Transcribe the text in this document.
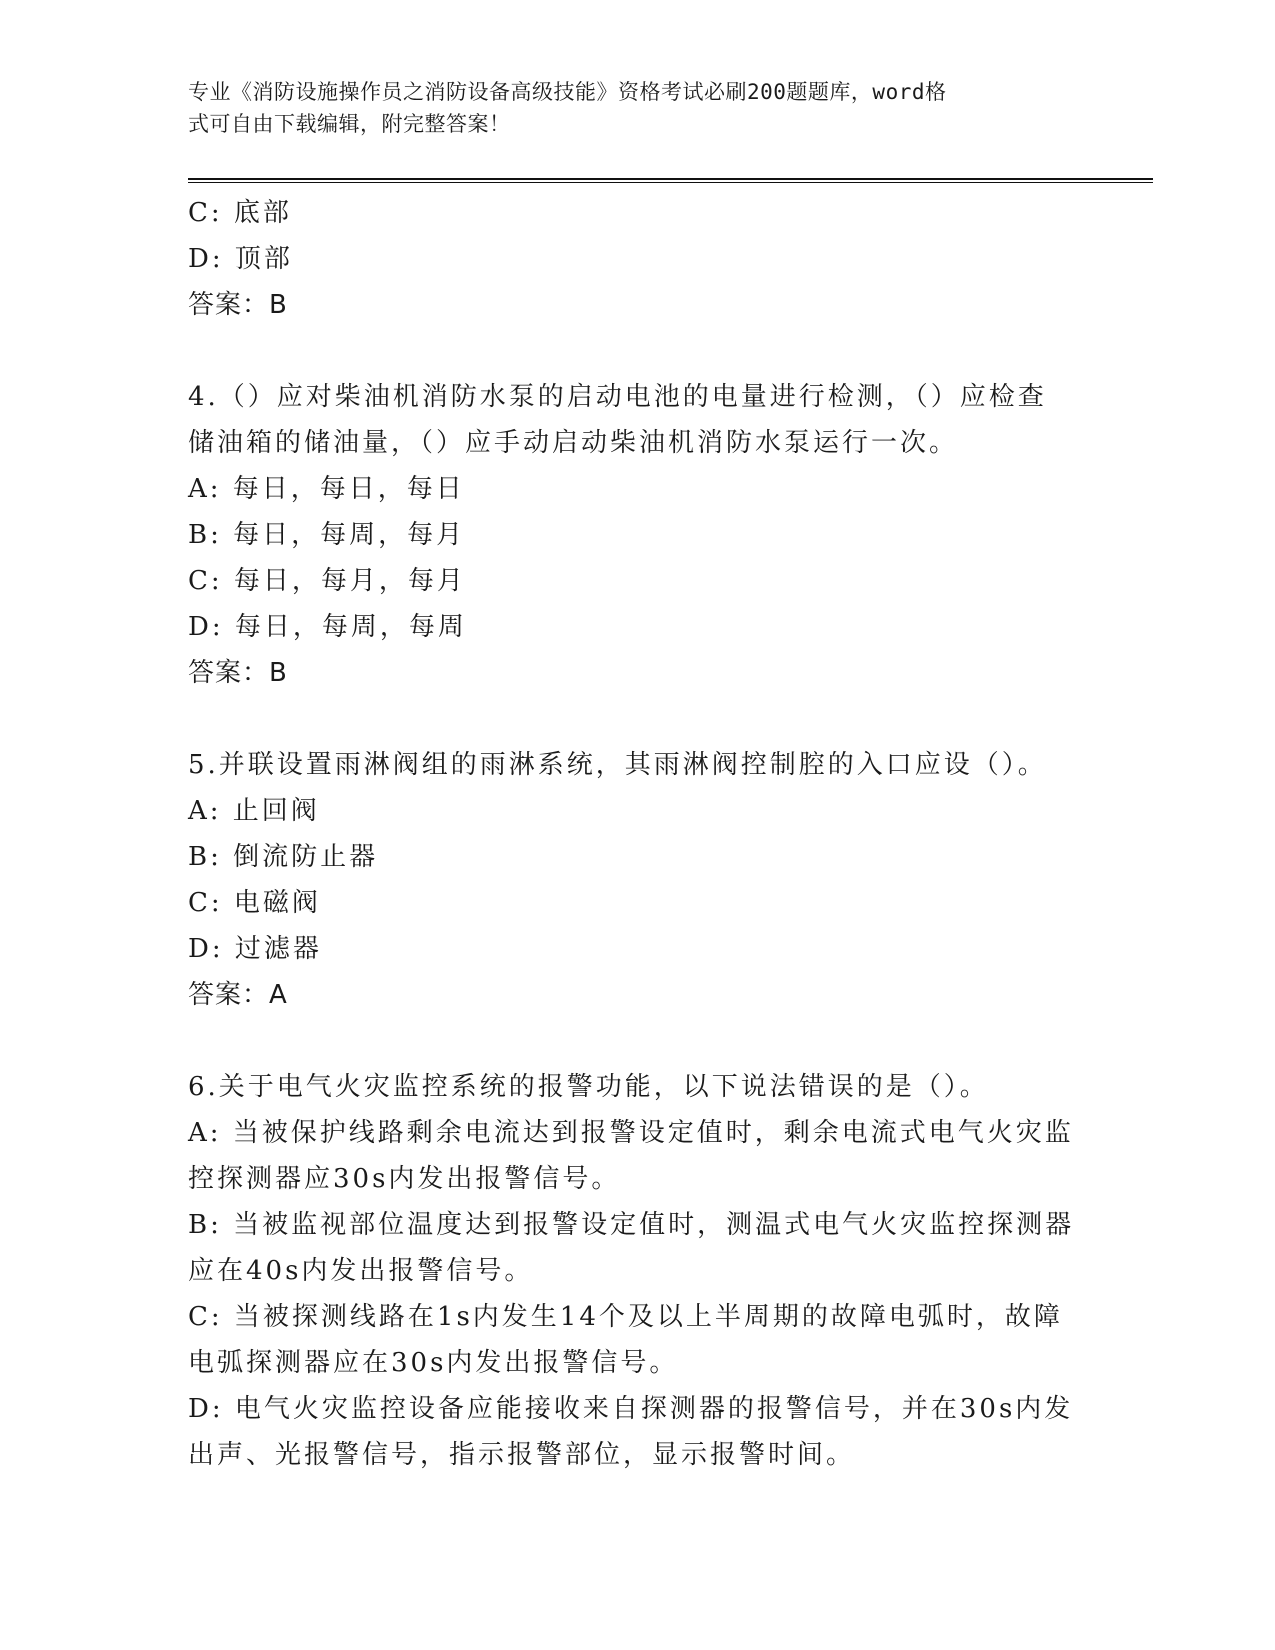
专业《消防设施操作员之消防设备高级技能》资格考试必刷200题题库，word格
式可自由下载编辑，附完整答案！

C: 底部

D: 顶部

答案：B

4.（）应对柴油机消防水泵的启动电池的电量进行检测，（）应检查

储油箱的储油量，（）应手动启动柴油机消防水泵运行一次。

A: 每日，每日，每日

B: 每日，每周，每月

C: 每日，每月，每月

D: 每日，每周，每周

答案：B

5.并联设置雨淋阀组的雨淋系统，其雨淋阀控制腔的入口应设（）。

A: 止回阀

B: 倒流防止器

C: 电磁阀

D: 过滤器

答案：A

6.关于电气火灾监控系统的报警功能，以下说法错误的是（）。

A: 当被保护线路剩余电流达到报警设定值时，剩余电流式电气火灾监

控探测器应30s内发出报警信号。

B: 当被监视部位温度达到报警设定值时，测温式电气火灾监控探测器

应在40s内发出报警信号。

C: 当被探测线路在1s内发生14个及以上半周期的故障电弧时，故障

电弧探测器应在30s内发出报警信号。

D: 电气火灾监控设备应能接收来自探测器的报警信号，并在30s内发

出声、光报警信号，指示报警部位，显示报警时间。
